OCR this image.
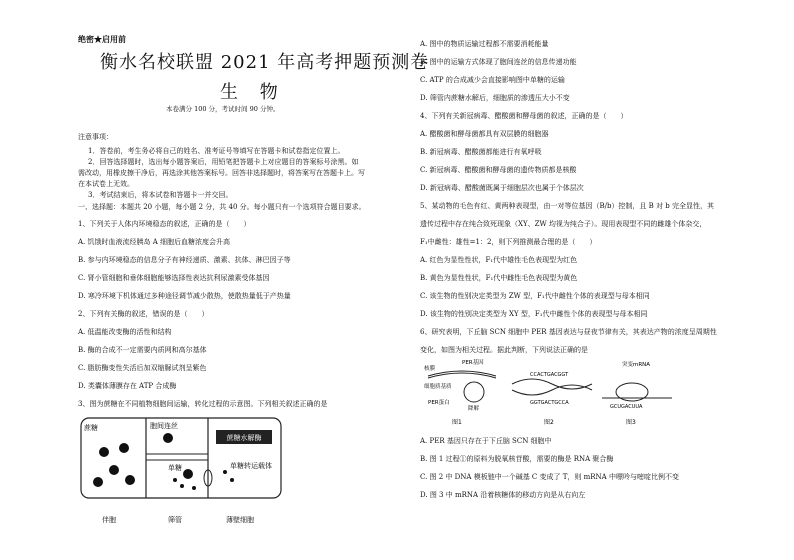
绝密★启用前
衡水名校联盟 2021 年高考押题预测卷
生 物
本卷满分 100 分，考试时间 90 分钟。
注意事项：
1．答卷前，考生务必将自己的姓名、准考证号等填写在答题卡和试卷指定位置上。
2．回答选择题时，选出每小题答案后，用铅笔把答题卡上对应题目的答案标号涂黑。如
需改动，用橡皮擦干净后，再选涂其他答案标号。回答非选择题时，将答案写在答题卡上。写
在本试卷上无效。
3．考试结束后，将本试卷和答题卡一并交回。
一、选择题：本题共 20 小题，每小题 2 分，共 40 分。每小题只有一个选项符合题目要求。
1、下列关于人体内环境稳态的叙述，正确的是（　　）
A. 饥饿时血液流经胰岛 A 细胞后血糖浓度会升高
B. 参与内环境稳态的信息分子有神经递质、激素、抗体、淋巴因子等
C. 肾小管细胞和垂体细胞能够选择性表达抗利尿激素受体基因
D. 寒冷环境下机体通过多种途径调节减少散热，使散热量低于产热量
2、下列有关酶的叙述，错误的是（　　）
A. 低温能改变酶的活性和结构
B. 酶的合成不一定需要内质网和高尔基体
C. 脂肪酶变性失活后加双缩脲试剂呈紫色
D. 类囊体薄膜存在 ATP 合成酶
3、图为蔗糖在不同植物细胞间运输，转化过程的示意图。下列相关叙述正确的是
蔗糖水解酶
蔗糖	胞间连丝
单糖	单糖转运载体
伴胞	筛管	薄壁细胞
A. 图中的物质运输过程都不需要消耗能量
B. 图中的运输方式体现了胞间连丝的信息传递功能
C. ATP 的合成减少会直接影响图中单糖的运输
D. 筛管内蔗糖水解后，细胞质的渗透压大小不变
4、下列有关新冠病毒、醋酸菌和酵母菌的叙述，正确的是（　　）
A. 醋酸菌和酵母菌都具有双层膜的细胞器
B. 新冠病毒、醋酸菌都能进行有氧呼吸
C. 新冠病毒、醋酸菌和酵母菌的遗传物质都是核酸
D. 新冠病毒、醋酸菌既属于细胞层次也属于个体层次
5、某动物的毛色有红、黄两种表现型，由一对等位基因（B/b）控制，且 B 对 b 完全显性，其
遗传过程中存在纯合致死现象（XY、ZW 均视为纯合子）。现用表现型不同的雌雄个体杂交，
F₁中雌性：雄性=1：2，则下列推测最合理的是（　　）
A. 红色为显性性状，F₁代中雄性毛色表现型为红色
B. 黄色为显性性状，F₁代中雌性毛色表现型为黄色
C. 该生物的性别决定类型为 ZW 型，F₁代中雌性个体的表现型与母本相同
D. 该生物的性别决定类型为 XY 型，F₁代中雌性个体的表现型与母本相同
6、研究表明，下丘脑 SCN 细胞中 PER 基因表达与昼夜节律有关，其表达产物的浓度呈周期性
变化，如图为相关过程。据此判断，下列说法正确的是
核膜
PER基因
细胞质基质
PER蛋白
降解
CCACTGACGGT
GGTGACTGCCA
突变mRNA
GCUGACUUA
图1	图2	图3
A. PER 基因只存在于下丘脑 SCN 细胞中
B. 图 1 过程①的原料为脱氧核苷酸，需要的酶是 RNA 聚合酶
C. 图 2 中 DNA 模板链中一个碱基 C 变成了 T，则 mRNA 中嘌呤与嘧啶比例不变
D. 图 3 中 mRNA 沿着核糖体的移动方向是从右向左
